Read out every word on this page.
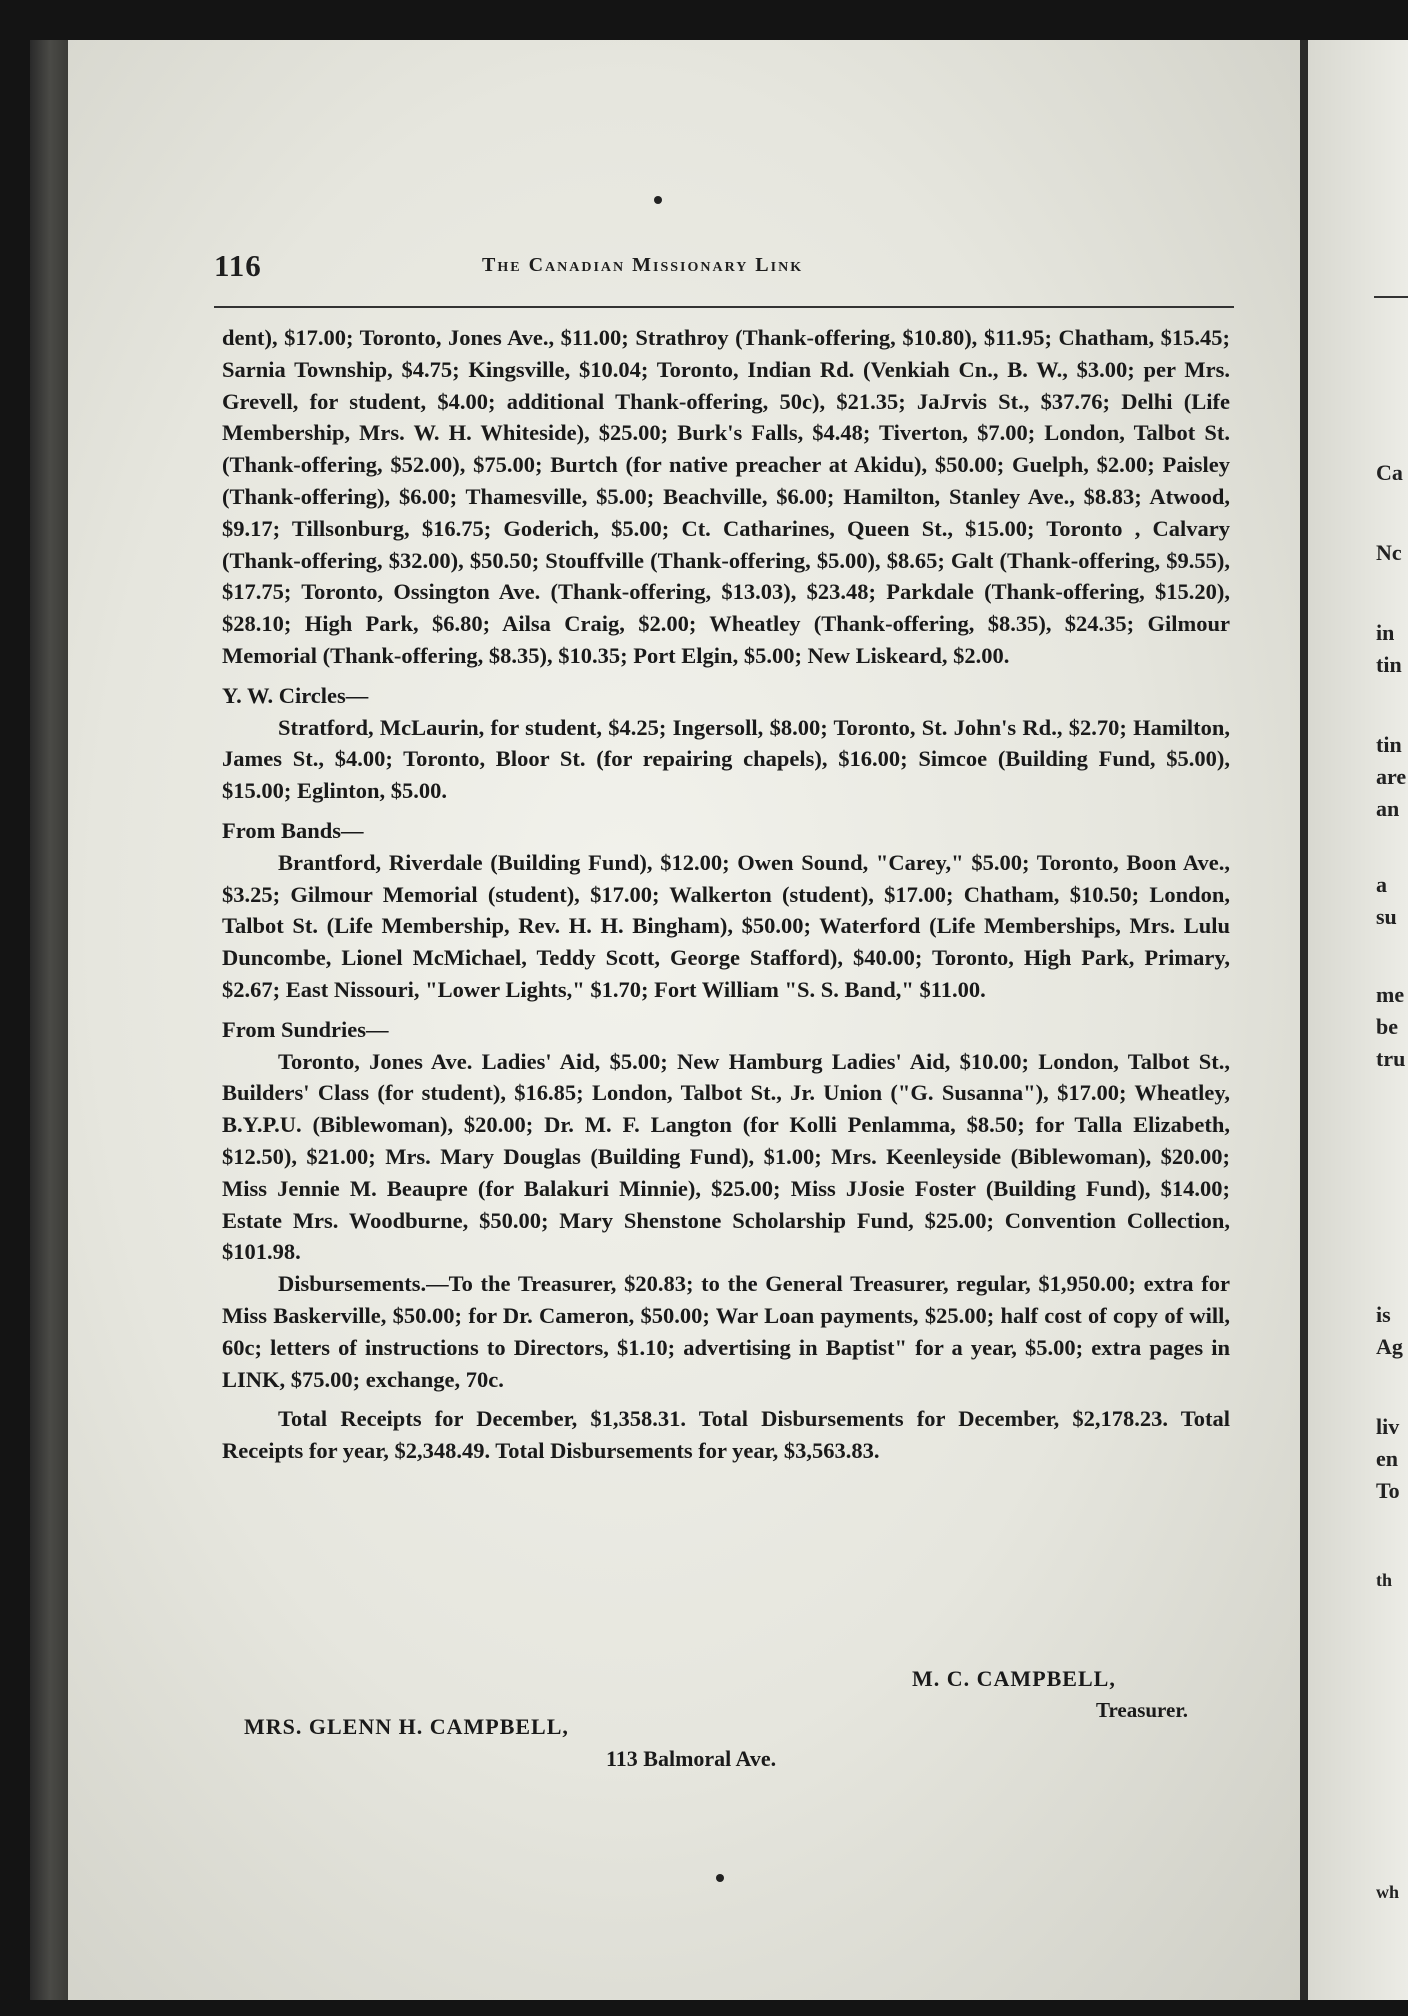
Ca
Nc
in
tin
tin
are
an
a
su
me
be
tru
is
Ag
liv
en
To
th
wh
116	The Canadian Missionary Link

dent), $17.00; Toronto, Jones Ave., $11.00; Strathroy (Thank-offering, $10.80), $11.95; Chatham, $15.45; Sarnia Township, $4.75; Kingsville, $10.04; Toronto, Indian Rd. (Venkiah Cn., B. W., $3.00; per Mrs. Grevell, for student, $4.00; additional Thank-offering, 50c), $21.35; JaJrvis St., $37.76; Delhi (Life Membership, Mrs. W. H. Whiteside), $25.00; Burk's Falls, $4.48; Tiverton, $7.00; London, Talbot St. (Thank-offering, $52.00), $75.00; Burtch (for native preacher at Akidu), $50.00; Guelph, $2.00; Paisley (Thank-offering), $6.00; Thamesville, $5.00; Beachville, $6.00; Hamilton, Stanley Ave., $8.83; Atwood, $9.17; Tillsonburg, $16.75; Goderich, $5.00; Ct. Catharines, Queen St., $15.00; Toronto , Calvary (Thank-offering, $32.00), $50.50; Stouffville (Thank-offering, $5.00), $8.65; Galt (Thank-offering, $9.55), $17.75; Toronto, Ossington Ave. (Thank-offering, $13.03), $23.48; Parkdale (Thank-offering, $15.20), $28.10; High Park, $6.80; Ailsa Craig, $2.00; Wheatley (Thank-offering, $8.35), $24.35; Gilmour Memorial (Thank-offering, $8.35), $10.35; Port Elgin, $5.00; New Liskeard, $2.00.

Y. W. Circles—

Stratford, McLaurin, for student, $4.25; Ingersoll, $8.00; Toronto, St. John's Rd., $2.70; Hamilton, James St., $4.00; Toronto, Bloor St. (for repairing chapels), $16.00; Simcoe (Building Fund, $5.00), $15.00; Eglinton, $5.00.

From Bands—

Brantford, Riverdale (Building Fund), $12.00; Owen Sound, "Carey," $5.00; Toronto, Boon Ave., $3.25; Gilmour Memorial (student), $17.00; Walkerton (student), $17.00; Chatham, $10.50; London, Talbot St. (Life Membership, Rev. H. H. Bingham), $50.00; Waterford (Life Memberships, Mrs. Lulu Duncombe, Lionel McMichael, Teddy Scott, George Stafford), $40.00; Toronto, High Park, Primary, $2.67; East Nissouri, "Lower Lights," $1.70; Fort William "S. S. Band," $11.00.

From Sundries—

Toronto, Jones Ave. Ladies' Aid, $5.00; New Hamburg Ladies' Aid, $10.00; London, Talbot St., Builders' Class (for student), $16.85; London, Talbot St., Jr. Union ("G. Susanna"), $17.00; Wheatley, B.Y.P.U. (Biblewoman), $20.00; Dr. M. F. Langton (for Kolli Penlamma, $8.50; for Talla Elizabeth, $12.50), $21.00; Mrs. Mary Douglas (Building Fund), $1.00; Mrs. Keenleyside (Biblewoman), $20.00; Miss Jennie M. Beaupre (for Balakuri Minnie), $25.00; Miss JJosie Foster (Building Fund), $14.00; Estate Mrs. Woodburne, $50.00; Mary Shenstone Scholarship Fund, $25.00; Convention Collection, $101.98.

Disbursements.—To the Treasurer, $20.83; to the General Treasurer, regular, $1,950.00; extra for Miss Baskerville, $50.00; for Dr. Cameron, $50.00; War Loan payments, $25.00; half cost of copy of will, 60c; letters of instructions to Directors, $1.10; advertising in Baptist" for a year, $5.00; extra pages in LINK, $75.00; exchange, 70c.

Total Receipts for December, $1,358.31. Total Disbursements for December, $2,178.23. Total Receipts for year, $2,348.49. Total Disbursements for year, $3,563.83.

M. C. CAMPBELL,
Treasurer.
MRS. GLENN H. CAMPBELL,
113 Balmoral Ave.
